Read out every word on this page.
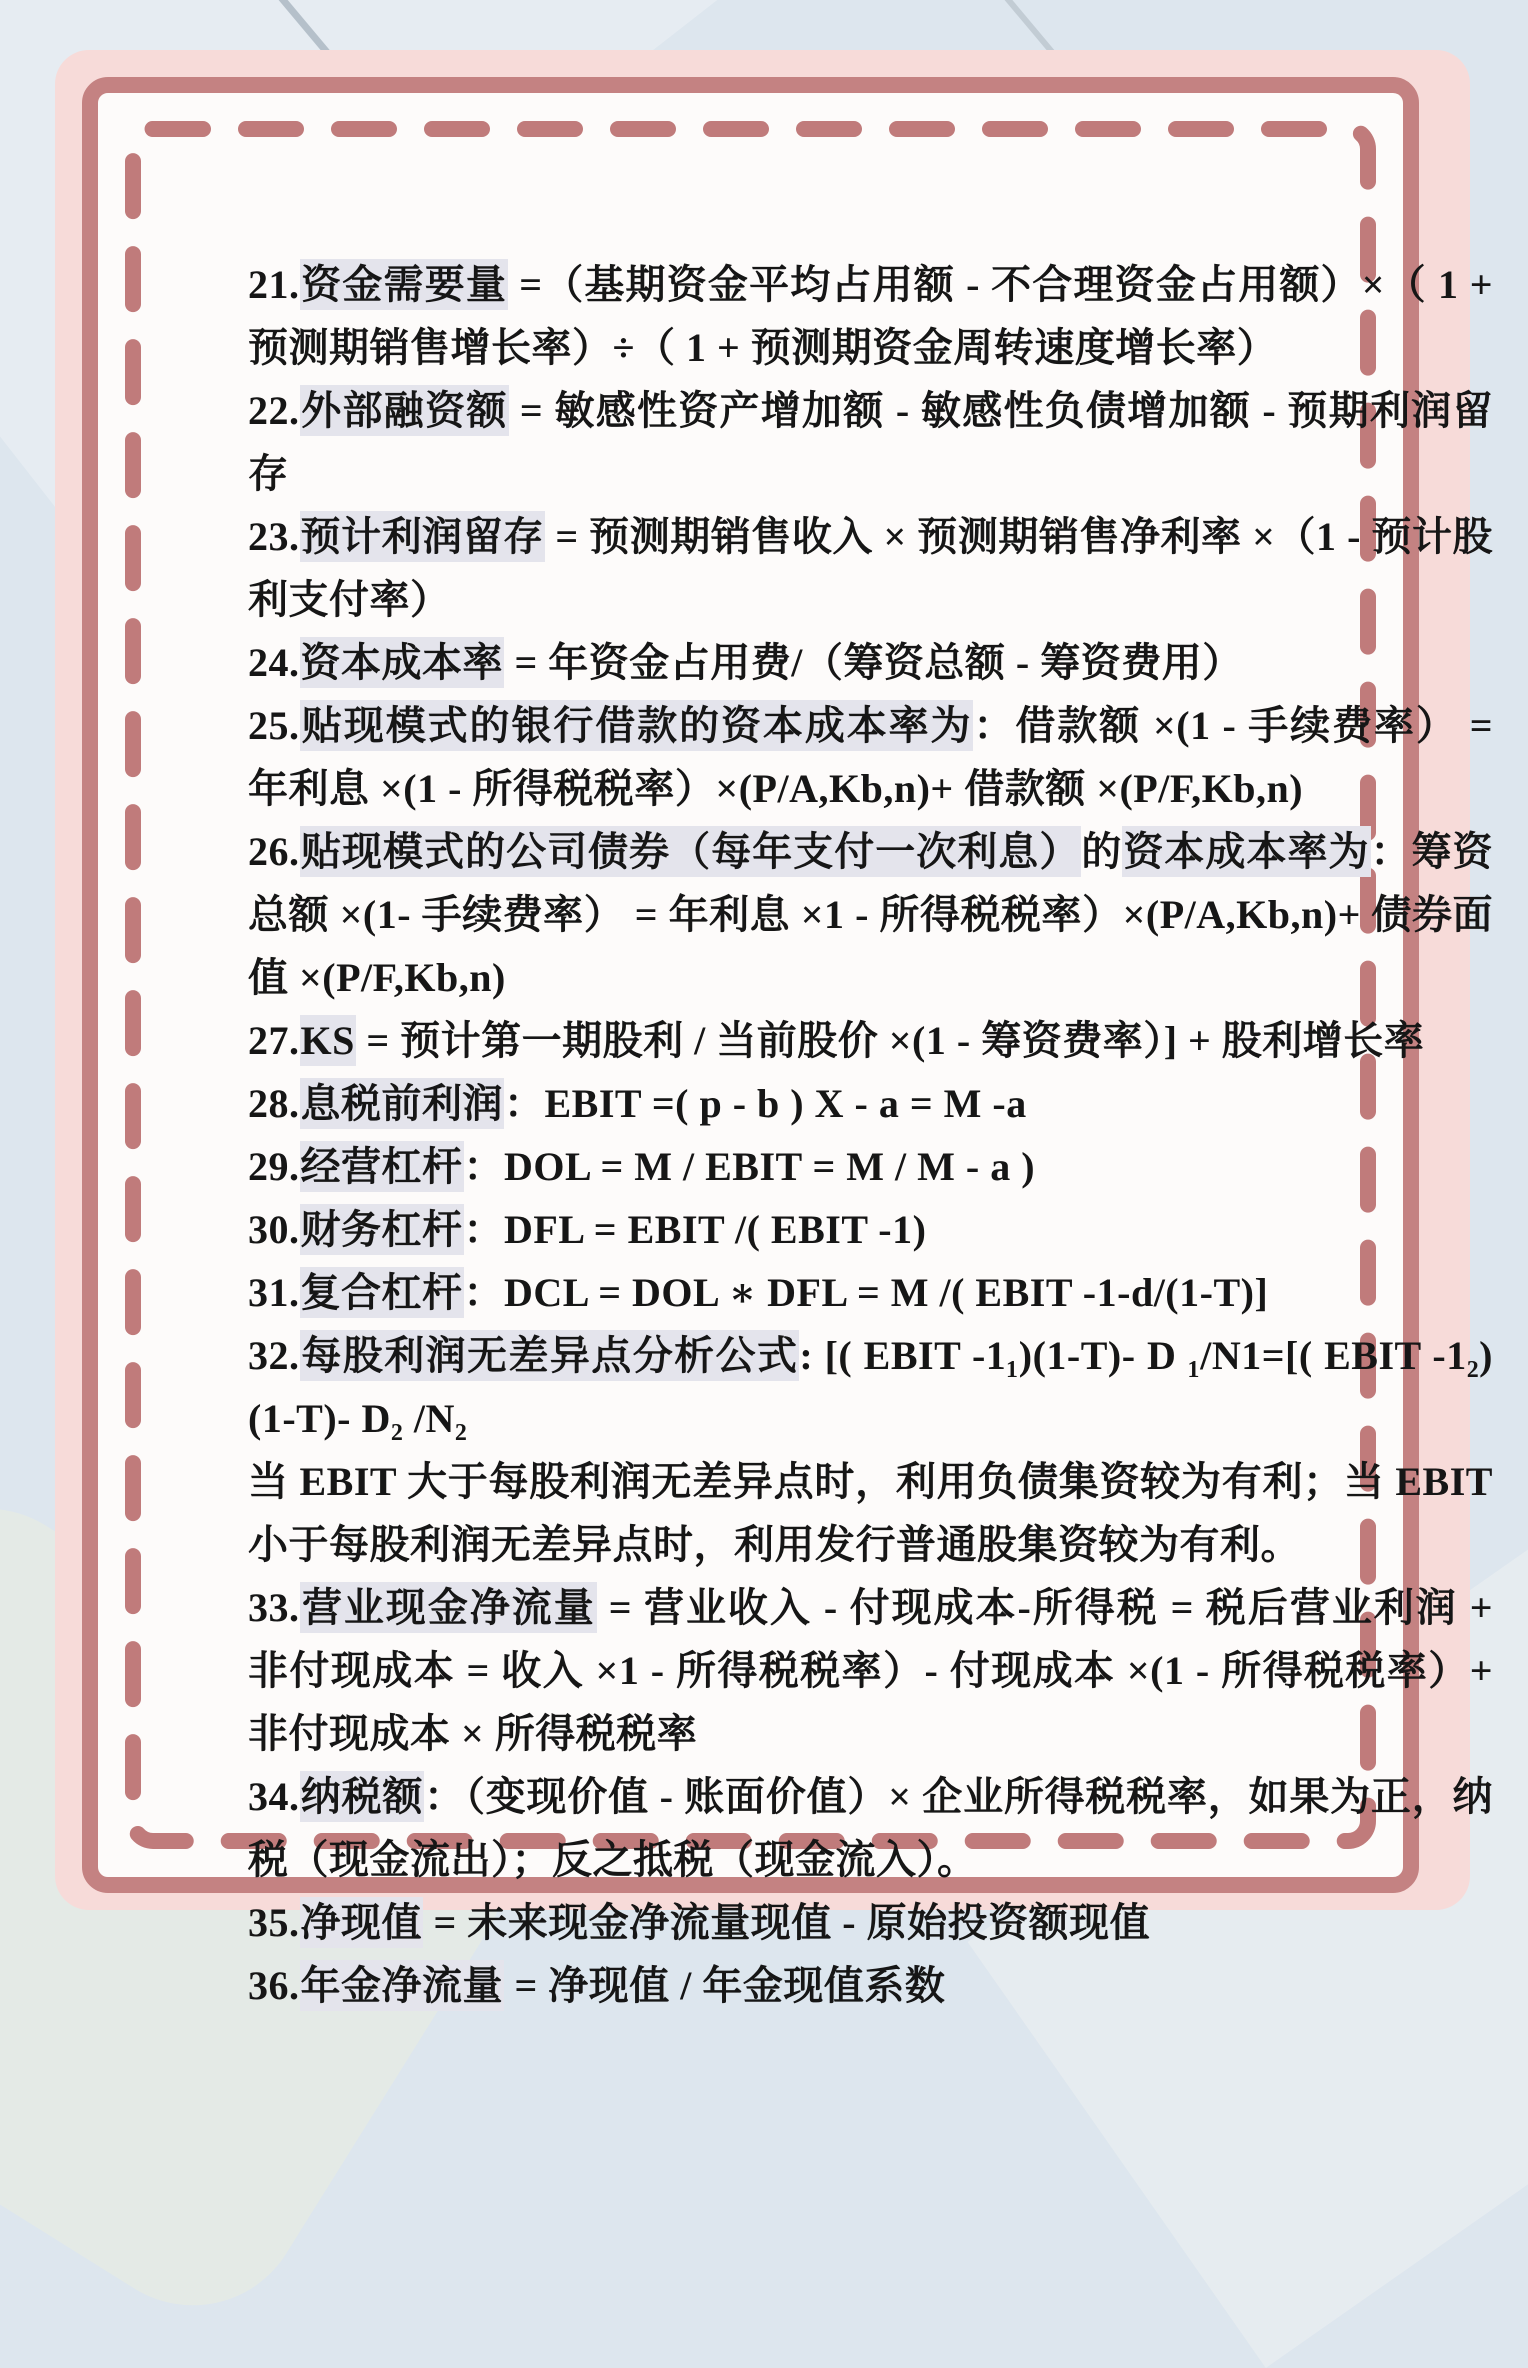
21.资金需要量 =（基期资金平均占用额 - 不合理资金占用额）×（ 1 + 预测期销售增长率）÷（ 1 + 预测期资金周转速度增长率）

22.外部融资额 = 敏感性资产增加额 - 敏感性负债增加额 - 预期利润留存

23.预计利润留存 = 预测期销售收入 × 预测期销售净利率 ×（1 - 预计股利支付率）

24.资本成本率 = 年资金占用费/（筹资总额 - 筹资费用）

25.贴现模式的银行借款的资本成本率为：借款额 ×(1 - 手续费率） = 年利息 ×(1 - 所得税税率）×(P/A,Kb,n)+ 借款额 ×(P/F,Kb,n)

26.贴现模式的公司债券（每年支付一次利息）的资本成本率为：筹资总额 ×(1- 手续费率） = 年利息 ×1 - 所得税税率）×(P/A,Kb,n)+ 债券面值 ×(P/F,Kb,n)

27.KS = 预计第一期股利 / 当前股价 ×(1 - 筹资费率）] + 股利增长率

28.息税前利润：EBIT =( p - b ) X - a = M -a

29.经营杠杆：DOL = M / EBIT = M / M - a )

30.财务杠杆：DFL = EBIT /( EBIT -1)

31.复合杠杆：DCL = DOL ∗ DFL = M /( EBIT -1-d/(1-T)]

32.每股利润无差异点分析公式: [( EBIT -1₁)(1-T)- D ₁/N1=[( EBIT -1₂)(1-T)- D₂ /N₂

当 EBIT 大于每股利润无差异点时，利用负债集资较为有利；当 EBIT 小于每股利润无差异点时，利用发行普通股集资较为有利。

33.营业现金净流量 = 营业收入 - 付现成本-所得税 = 税后营业利润 + 非付现成本 = 收入 ×1 - 所得税税率）- 付现成本 ×(1 - 所得税税率）+ 非付现成本 × 所得税税率

34.纳税额：（变现价值 - 账面价值）× 企业所得税税率，如果为正，纳税（现金流出）；反之抵税（现金流入）。

35.净现值 = 未来现金净流量现值 - 原始投资额现值

36.年金净流量 = 净现值 / 年金现值系数
